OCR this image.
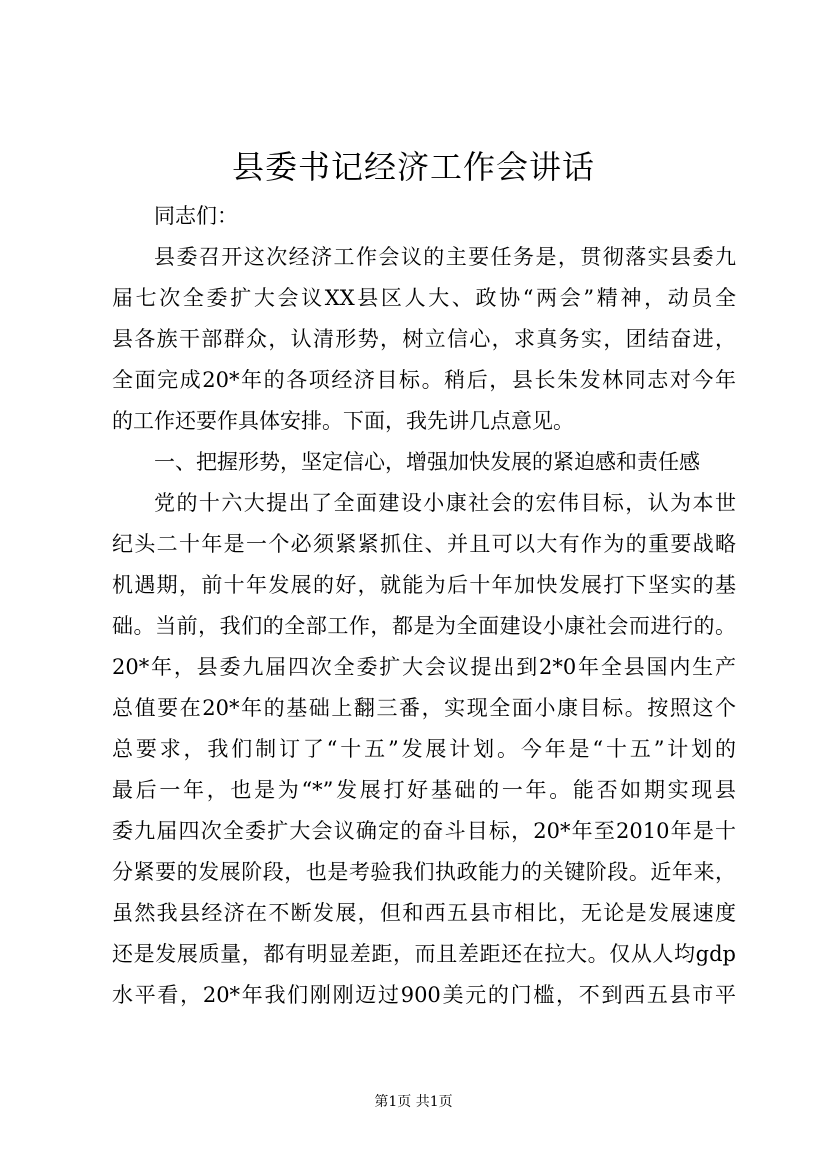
县委书记经济工作会讲话
同志们：
县委召开这次经济工作会议的主要任务是，贯彻落实县委九
届七次全委扩大会议XX县区人大、政协“两会”精神，动员全
县各族干部群众，认清形势，树立信心，求真务实，团结奋进，
全面完成20*年的各项经济目标。稍后，县长朱发林同志对今年
的工作还要作具体安排。下面，我先讲几点意见。
一、把握形势，坚定信心，增强加快发展的紧迫感和责任感
党的十六大提出了全面建设小康社会的宏伟目标，认为本世
纪头二十年是一个必须紧紧抓住、并且可以大有作为的重要战略
机遇期，前十年发展的好，就能为后十年加快发展打下坚实的基
础。当前，我们的全部工作，都是为全面建设小康社会而进行的。
20*年，县委九届四次全委扩大会议提出到2*0年全县国内生产
总值要在20*年的基础上翻三番，实现全面小康目标。按照这个
总要求，我们制订了“十五”发展计划。今年是“十五”计划的
最后一年，也是为“*”发展打好基础的一年。能否如期实现县
委九届四次全委扩大会议确定的奋斗目标，20*年至2010年是十
分紧要的发展阶段，也是考验我们执政能力的关键阶段。近年来，
虽然我县经济在不断发展，但和西五县市相比，无论是发展速度
还是发展质量，都有明显差距，而且差距还在拉大。仅从人均gdp
水平看，20*年我们刚刚迈过900美元的门槛，不到西五县市平
第1页 共1页
